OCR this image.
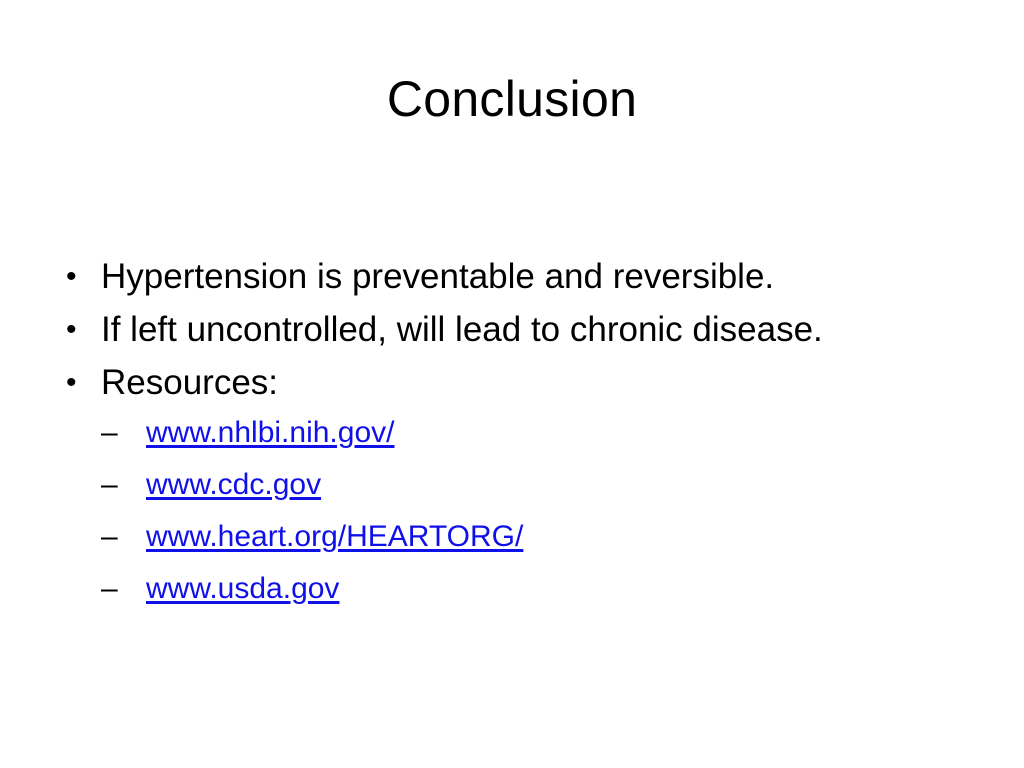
Conclusion
• Hypertension is preventable and reversible.
• If left uncontrolled, will lead to chronic disease.
• Resources:
– www.nhlbi.nih.gov/
– www.cdc.gov
– www.heart.org/HEARTORG/
– www.usda.gov
